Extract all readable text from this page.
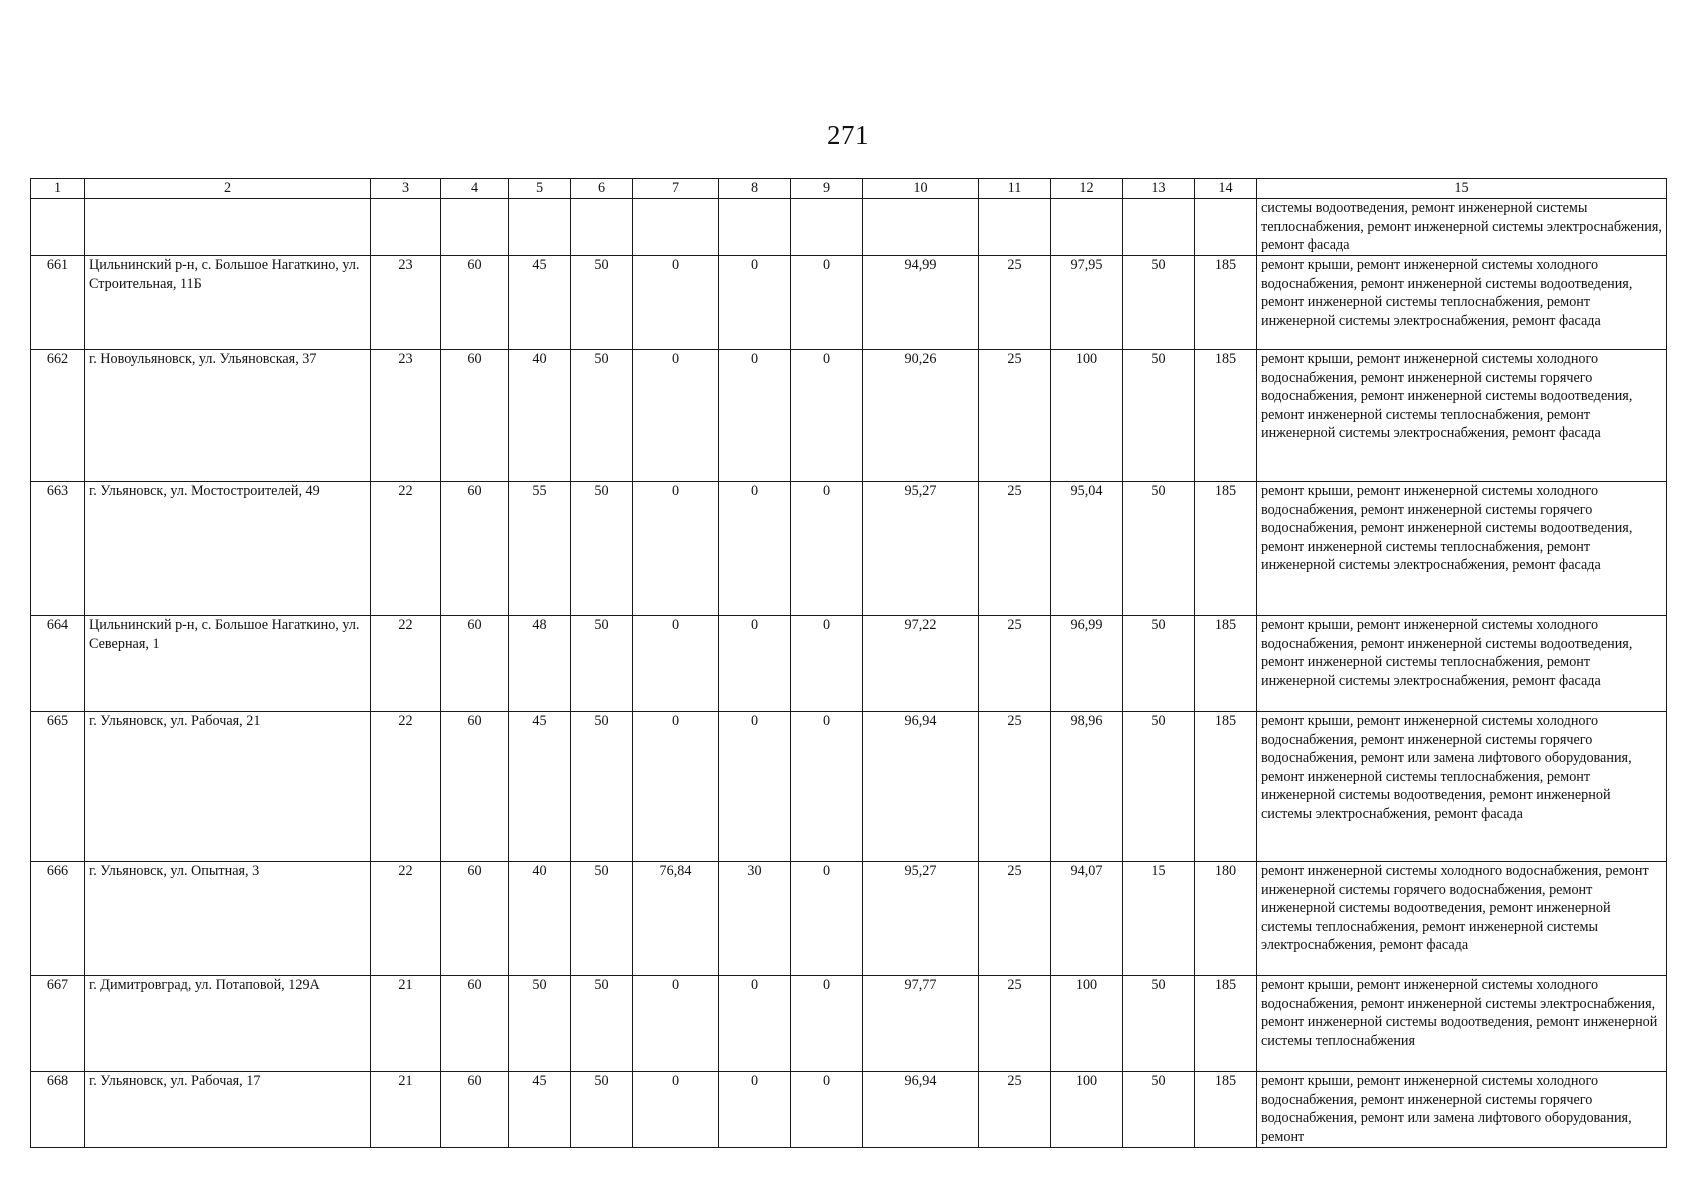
271
1	2	3	4	5	6	7	8	9	10	11	12	13	14	15
														системы водоотведения, ремонт инженерной системы теплоснабжения, ремонт инженерной системы электроснабжения, ремонт фасада
661	Цильнинский р-н, с. Большое Нагаткино, ул. Строительная, 11Б	23	60	45	50	0	0	0	94,99	25	97,95	50	185	ремонт крыши, ремонт инженерной системы холодного водоснабжения, ремонт инженерной системы водоотведения, ремонт инженерной системы теплоснабжения, ремонт инженерной системы электроснабжения, ремонт фасада
662	г. Новоульяновск, ул. Ульяновская, 37	23	60	40	50	0	0	0	90,26	25	100	50	185	ремонт крыши, ремонт инженерной системы холодного водоснабжения, ремонт инженерной системы горячего водоснабжения, ремонт инженерной системы водоотведения, ремонт инженерной системы теплоснабжения, ремонт инженерной системы электроснабжения, ремонт фасада
663	г. Ульяновск, ул. Мостостроителей, 49	22	60	55	50	0	0	0	95,27	25	95,04	50	185	ремонт крыши, ремонт инженерной системы холодного водоснабжения, ремонт инженерной системы горячего водоснабжения, ремонт инженерной системы водоотведения, ремонт инженерной системы теплоснабжения, ремонт инженерной системы электроснабжения, ремонт фасада
664	Цильнинский р-н, с. Большое Нагаткино, ул. Северная, 1	22	60	48	50	0	0	0	97,22	25	96,99	50	185	ремонт крыши, ремонт инженерной системы холодного водоснабжения, ремонт инженерной системы водоотведения, ремонт инженерной системы теплоснабжения, ремонт инженерной системы электроснабжения, ремонт фасада
665	г. Ульяновск, ул. Рабочая, 21	22	60	45	50	0	0	0	96,94	25	98,96	50	185	ремонт крыши, ремонт инженерной системы холодного водоснабжения, ремонт инженерной системы горячего водоснабжения, ремонт или замена лифтового оборудования, ремонт инженерной системы теплоснабжения, ремонт инженерной системы водоотведения, ремонт инженерной системы электроснабжения, ремонт фасада
666	г. Ульяновск, ул. Опытная, 3	22	60	40	50	76,84	30	0	95,27	25	94,07	15	180	ремонт инженерной системы холодного водоснабжения, ремонт инженерной системы горячего водоснабжения, ремонт инженерной системы водоотведения, ремонт инженерной системы теплоснабжения, ремонт инженерной системы электроснабжения, ремонт фасада
667	г. Димитровград, ул. Потаповой, 129А	21	60	50	50	0	0	0	97,77	25	100	50	185	ремонт крыши, ремонт инженерной системы холодного водоснабжения, ремонт инженерной системы электроснабжения, ремонт инженерной системы водоотведения, ремонт инженерной системы теплоснабжения
668	г. Ульяновск, ул. Рабочая, 17	21	60	45	50	0	0	0	96,94	25	100	50	185	ремонт крыши, ремонт инженерной системы холодного водоснабжения, ремонт инженерной системы горячего водоснабжения, ремонт или замена лифтового оборудования, ремонт
